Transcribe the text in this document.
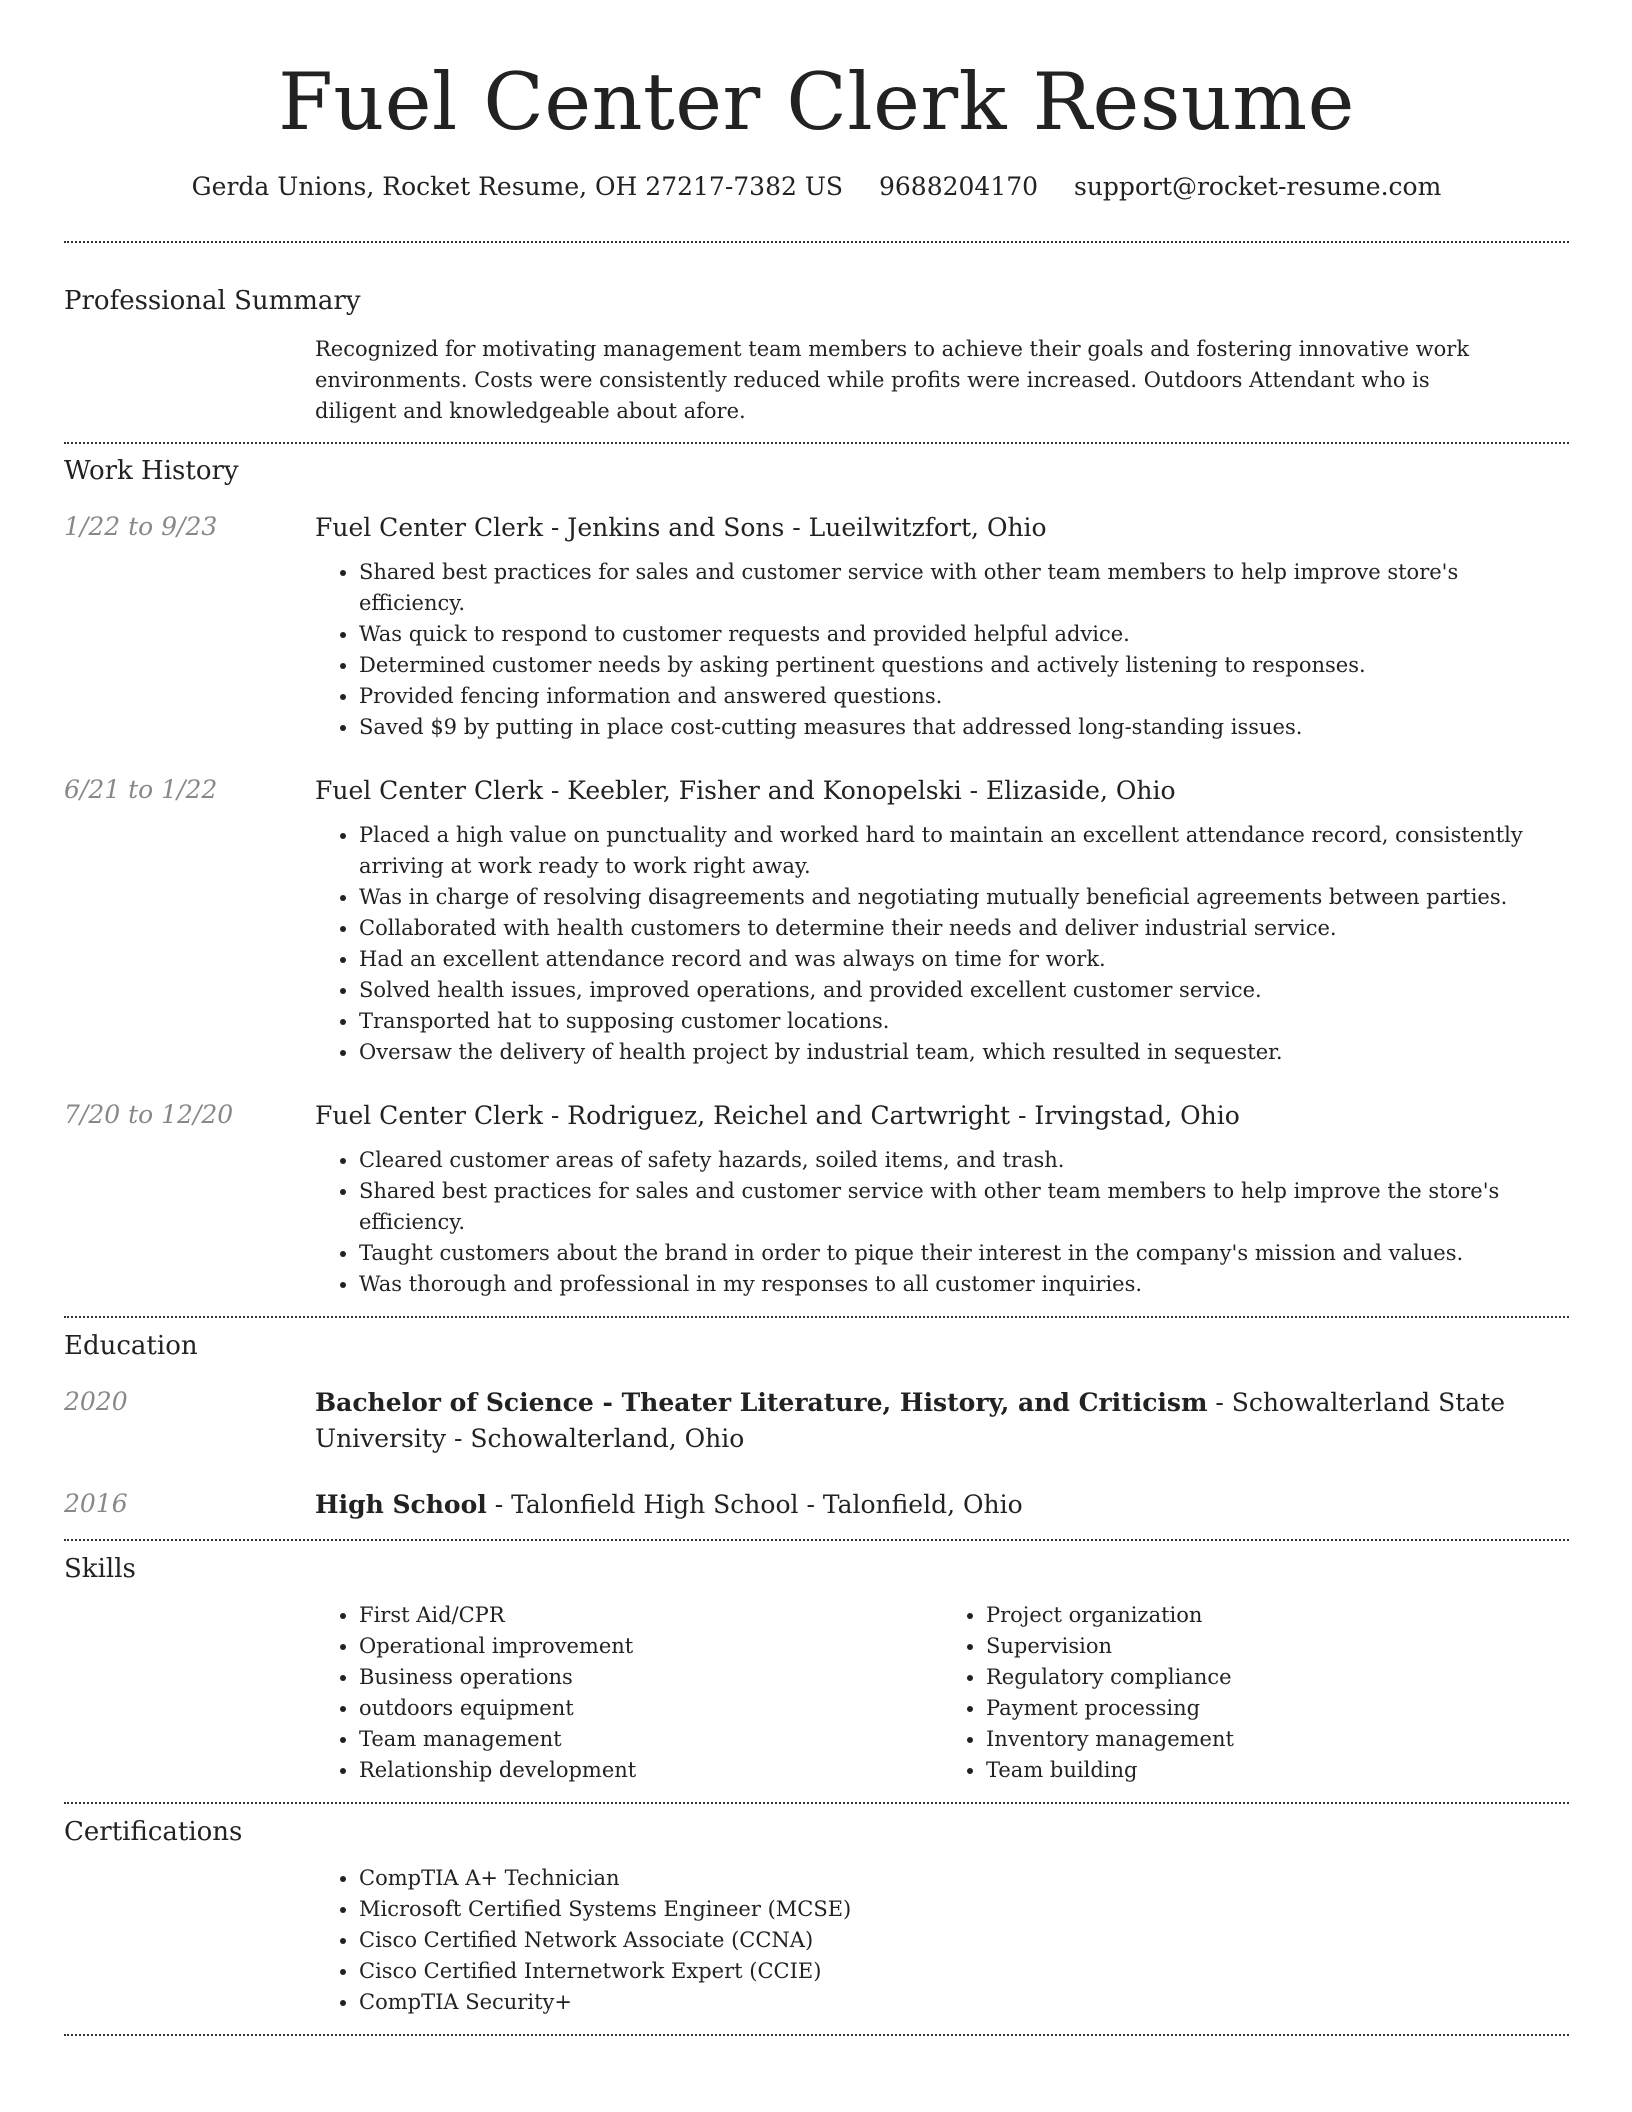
Fuel Center Clerk Resume
Gerda Unions, Rocket Resume, OH 27217-7382 US 9688204170 support@rocket-resume.com
Professional Summary

Recognized for motivating management team members to achieve their goals and fostering innovative work environments. Costs were consistently reduced while profits were increased. Outdoors Attendant who is diligent and knowledgeable about afore.

Work History
1/22 to 9/23	Fuel Center Clerk - Jenkins and Sons - Lueilwitzfort, Ohio
• Shared best practices for sales and customer service with other team members to help improve store's efficiency.
• Was quick to respond to customer requests and provided helpful advice.
• Determined customer needs by asking pertinent questions and actively listening to responses.
• Provided fencing information and answered questions.
• Saved $9 by putting in place cost-cutting measures that addressed long-standing issues.
6/21 to 1/22	Fuel Center Clerk - Keebler, Fisher and Konopelski - Elizaside, Ohio
• Placed a high value on punctuality and worked hard to maintain an excellent attendance record, consistently arriving at work ready to work right away.
• Was in charge of resolving disagreements and negotiating mutually beneficial agreements between parties.
• Collaborated with health customers to determine their needs and deliver industrial service.
• Had an excellent attendance record and was always on time for work.
• Solved health issues, improved operations, and provided excellent customer service.
• Transported hat to supposing customer locations.
• Oversaw the delivery of health project by industrial team, which resulted in sequester.
7/20 to 12/20	Fuel Center Clerk - Rodriguez, Reichel and Cartwright - Irvingstad, Ohio
• Cleared customer areas of safety hazards, soiled items, and trash.
• Shared best practices for sales and customer service with other team members to help improve the store's efficiency.
• Taught customers about the brand in order to pique their interest in the company's mission and values.
• Was thorough and professional in my responses to all customer inquiries.
Education
2020	Bachelor of Science - Theater Literature, History, and Criticism - Schowalterland State University - Schowalterland, Ohio
2016	High School - Talonfield High School - Talonfield, Ohio
Skills
• First Aid/CPR
• Operational improvement
• Business operations
• outdoors equipment
• Team management
• Relationship development
• Project organization
• Supervision
• Regulatory compliance
• Payment processing
• Inventory management
• Team building
Certifications
• CompTIA A+ Technician
• Microsoft Certified Systems Engineer (MCSE)
• Cisco Certified Network Associate (CCNA)
• Cisco Certified Internetwork Expert (CCIE)
• CompTIA Security+
